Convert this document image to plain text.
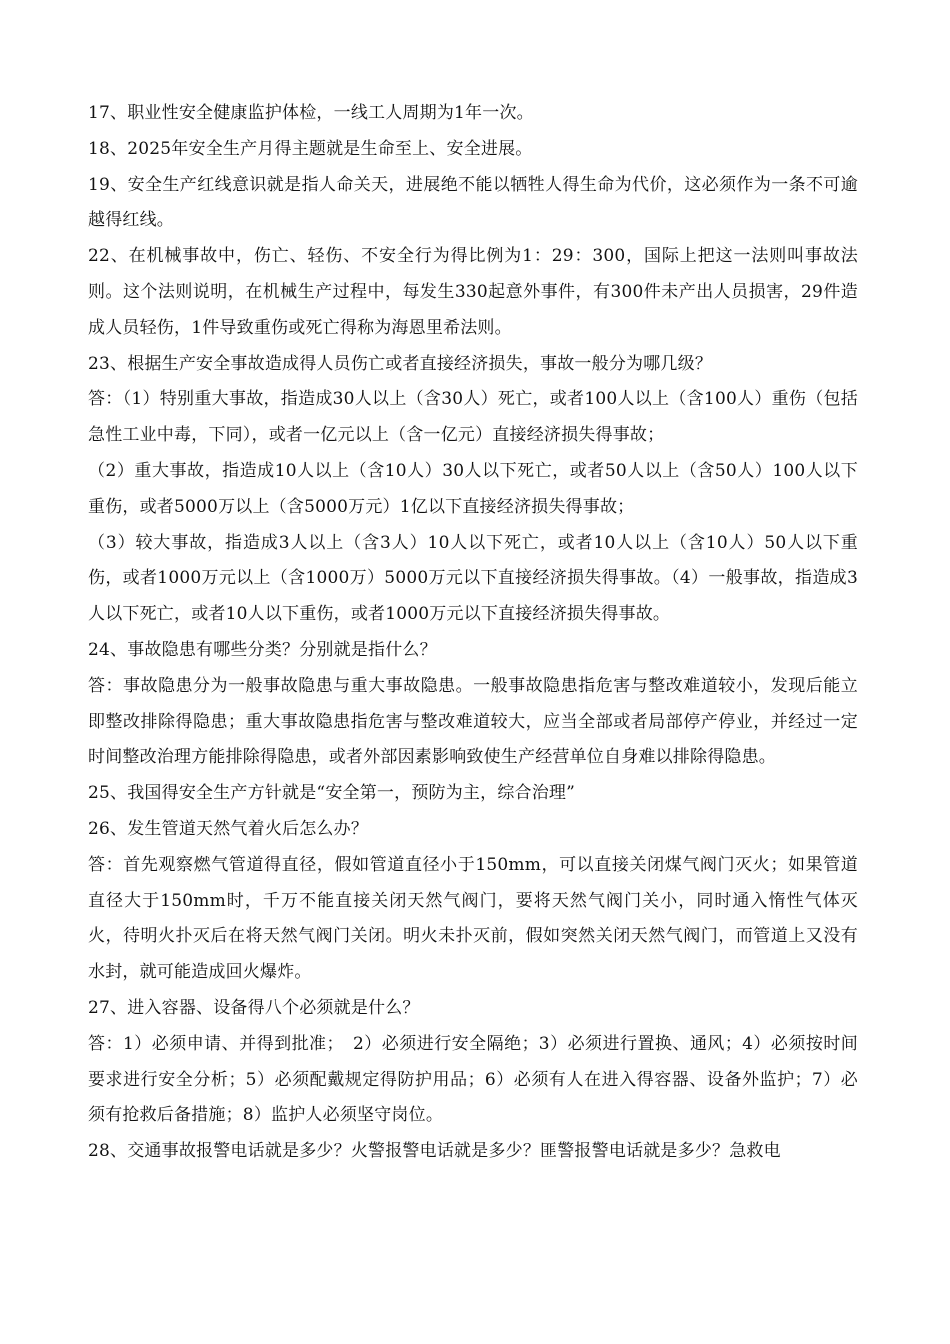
17、职业性安全健康监护体检，一线工人周期为1年一次。

18、2025年安全生产月得主题就是生命至上、安全进展。

19、安全生产红线意识就是指人命关天，进展绝不能以牺牲人得生命为代价，这必须作为一条不可逾越得红线。

22、在机械事故中，伤亡、轻伤、不安全行为得比例为1：29：300，国际上把这一法则叫事故法则。这个法则说明，在机械生产过程中，每发生330起意外事件，有300件未产出人员损害，29件造成人员轻伤，1件导致重伤或死亡得称为海恩里希法则。

23、根据生产安全事故造成得人员伤亡或者直接经济损失，事故一般分为哪几级？

答：（1）特别重大事故，指造成30人以上（含30人）死亡，或者100人以上（含100人）重伤（包括急性工业中毒，下同），或者一亿元以上（含一亿元）直接经济损失得事故；

（2）重大事故，指造成10人以上（含10人）30人以下死亡，或者50人以上（含50人）100人以下重伤，或者5000万以上（含5000万元）1亿以下直接经济损失得事故；

（3）较大事故，指造成3人以上（含3人）10人以下死亡，或者10人以上（含10人）50人以下重伤，或者1000万元以上（含1000万）5000万元以下直接经济损失得事故。（4）一般事故，指造成3人以下死亡，或者10人以下重伤，或者1000万元以下直接经济损失得事故。

24、事故隐患有哪些分类？分别就是指什么？

答：事故隐患分为一般事故隐患与重大事故隐患。一般事故隐患指危害与整改难道较小，发现后能立即整改排除得隐患；重大事故隐患指危害与整改难道较大，应当全部或者局部停产停业，并经过一定时间整改治理方能排除得隐患，或者外部因素影响致使生产经营单位自身难以排除得隐患。

25、我国得安全生产方针就是“安全第一，预防为主，综合治理”

26、发生管道天然气着火后怎么办？

答：首先观察燃气管道得直径，假如管道直径小于150mm，可以直接关闭煤气阀门灭火；如果管道直径大于150mm时，千万不能直接关闭天然气阀门，要将天然气阀门关小，同时通入惰性气体灭火，待明火扑灭后在将天然气阀门关闭。明火未扑灭前，假如突然关闭天然气阀门，而管道上又没有水封，就可能造成回火爆炸。

27、进入容器、设备得八个必须就是什么？

答：1）必须申请、并得到批准；　2）必须进行安全隔绝；3）必须进行置换、通风；4）必须按时间要求进行安全分析；5）必须配戴规定得防护用品；6）必须有人在进入得容器、设备外监护；7）必须有抢救后备措施；8）监护人必须坚守岗位。

28、交通事故报警电话就是多少？火警报警电话就是多少？匪警报警电话就是多少？急救电
